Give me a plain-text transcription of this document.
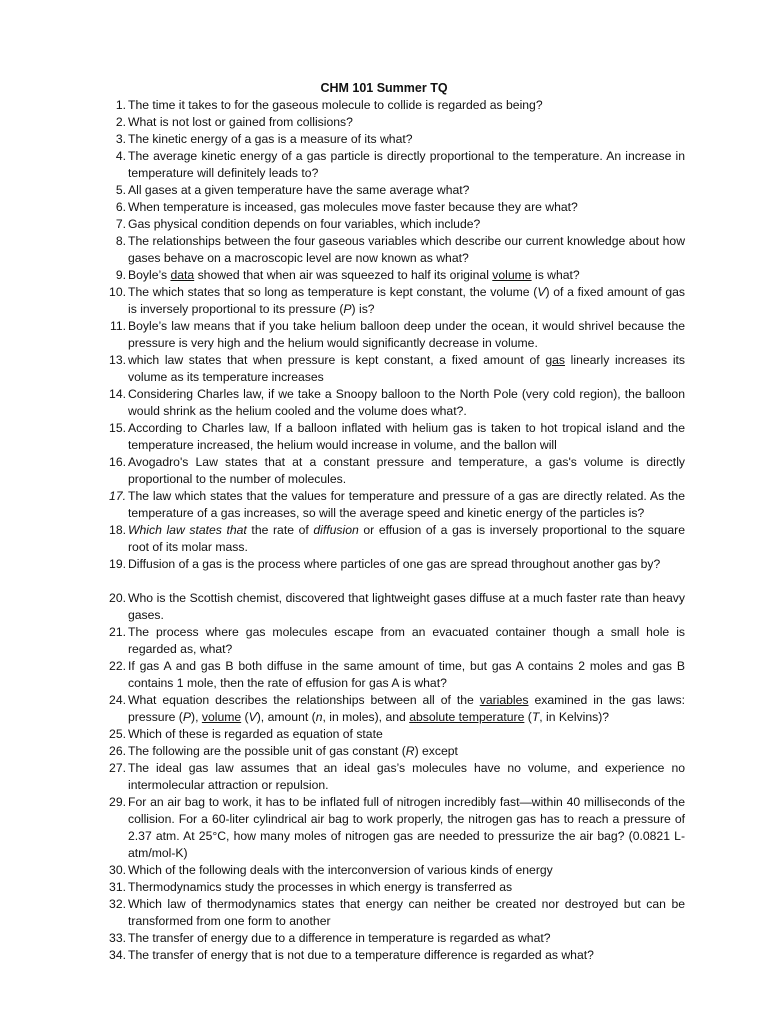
CHM 101 Summer TQ
1. The time it takes to for the gaseous molecule to collide is regarded as being?
2. What is not lost or gained from collisions?
3. The kinetic energy of a gas is a measure of its what?
4. The average kinetic energy of a gas particle is directly proportional to the temperature. An increase in temperature will definitely leads to?
5. All gases at a given temperature have the same average what?
6. When temperature is inceased, gas molecules move faster because they are what?
7. Gas physical condition depends on four variables, which include?
8. The relationships between the four gaseous variables which describe our current knowledge about how gases behave on a macroscopic level are now known as what?
9. Boyle’s data showed that when air was squeezed to half its original volume is what?
10. The which states that so long as temperature is kept constant, the volume (V) of a fixed amount of gas is inversely proportional to its pressure (P) is?
11. Boyle’s law means that if you take helium balloon deep under the ocean, it would shrivel because the pressure is very high and the helium would significantly decrease in volume.
13. which law states that when pressure is kept constant, a fixed amount of gas linearly increases its volume as its temperature increases
14. Considering Charles law, if we take a Snoopy balloon to the North Pole (very cold region), the balloon would shrink as the helium cooled and the volume does what?.
15. According to Charles law, If a balloon inflated with helium gas is taken to hot tropical island and the temperature increased, the helium would increase in volume, and the ballon will
16. Avogadro's Law states that at a constant pressure and temperature, a gas's volume is directly proportional to the number of molecules.
17. The law which states that the values for temperature and pressure of a gas are directly related. As the temperature of a gas increases, so will the average speed and kinetic energy of the particles is?
18. Which law states that the rate of diffusion or effusion of a gas is inversely proportional to the square root of its molar mass.
19. Diffusion of a gas is the process where particles of one gas are spread throughout another gas by?
20. Who is the Scottish chemist, discovered that lightweight gases diffuse at a much faster rate than heavy gases.
21. The process where gas molecules escape from an evacuated container though a small hole is regarded as, what?
22. If gas A and gas B both diffuse in the same amount of time, but gas A contains 2 moles and gas B contains 1 mole, then the rate of effusion for gas A is what?
24. What equation describes the relationships between all of the variables examined in the gas laws: pressure (P), volume (V), amount (n, in moles), and absolute temperature (T, in Kelvins)?
25. Which of these is regarded as equation of state
26. The following are the possible unit of gas constant (R) except
27. The ideal gas law assumes that an ideal gas’s molecules have no volume, and experience no intermolecular attraction or repulsion.
29. For an air bag to work, it has to be inflated full of nitrogen incredibly fast—within 40 milliseconds of the collision. For a 60-liter cylindrical air bag to work properly, the nitrogen gas has to reach a pressure of 2.37 atm. At 25°C, how many moles of nitrogen gas are needed to pressurize the air bag? (0.0821 L-atm/mol-K)
30. Which of the following deals with the interconversion of various kinds of energy
31. Thermodynamics study the processes in which energy is transferred as
32. Which law of thermodynamics states that energy can neither be created nor destroyed but can be transformed from one form to another
33. The transfer of energy due to a difference in temperature is regarded as what?
34. The transfer of energy that is not due to a temperature difference is regarded as what?
